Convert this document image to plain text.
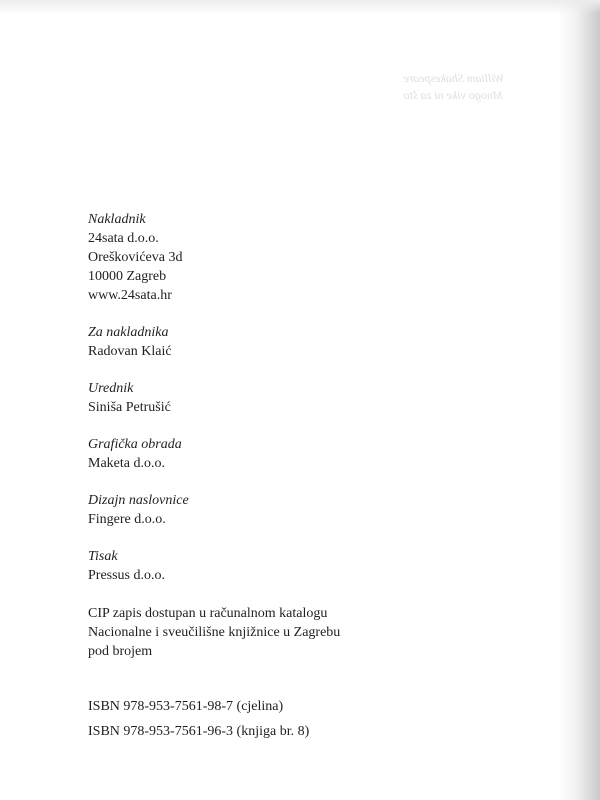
William Shakespeare
Mnogo vike ni za što
Nakladnik
24sata d.o.o.
Oreškovićeva 3d
10000 Zagreb
www.24sata.hr
Za nakladnika
Radovan Klaić
Urednik
Siniša Petrušić
Grafička obrada
Maketa d.o.o.
Dizajn naslovnice
Fingere d.o.o.
Tisak
Pressus d.o.o.
CIP zapis dostupan u računalnom katalogu
Nacionalne i sveučilišne knjižnice u Zagrebu
pod brojem
ISBN 978-953-7561-98-7 (cjelina)
ISBN 978-953-7561-96-3 (knjiga br. 8)
